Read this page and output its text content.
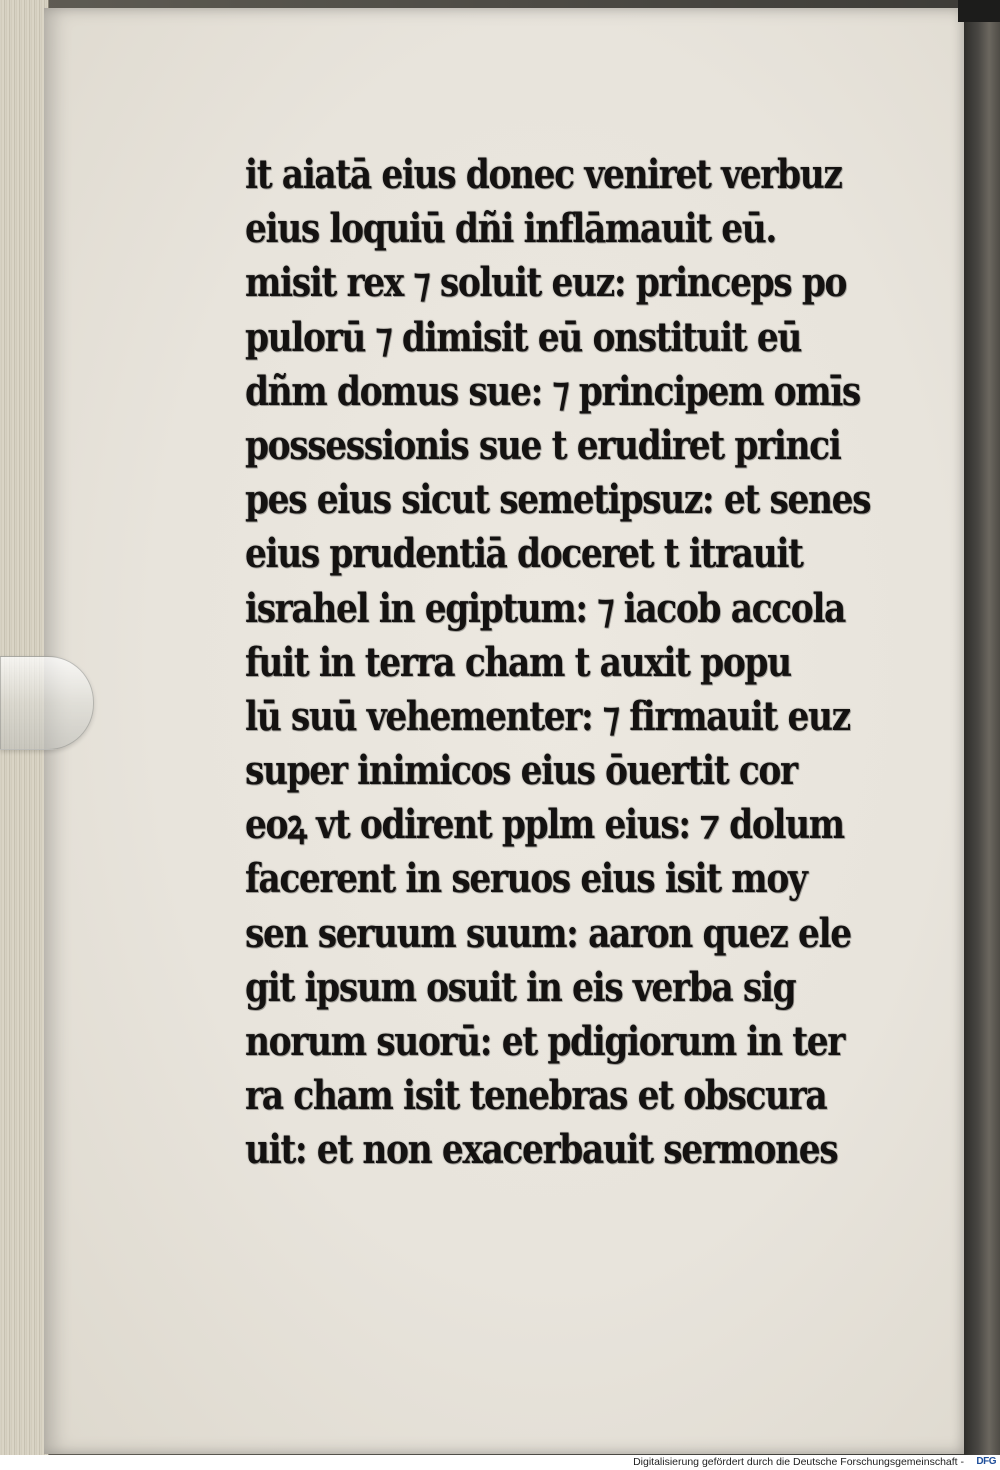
it aiatā eius donec veniret verbuz
eius loquiū dñi inflāmauit eū.
misit rex ⁊ soluit euz: princeps po
pulorū ⁊ dimisit eū onstituit eū
dñm domus sue: ⁊ principem omīs
possessionis sue t erudiret princi
pes eius sicut semetipsuz: et senes
eius prudentiā doceret t itrauit
israhel in egiptum: ⁊ iacob accola
fuit in terra cham t auxit popu
lū suū vehementer: ⁊ firmauit euz
super inimicos eius ōuertit cor
eoꝝ vt odirent pplm eius: ⁊ dolum
facerent in seruos eius isit moy
sen seruum suum: aaron quez ele
git ipsum osuit in eis verba sig
norum suorū: et pdigiorum in ter
ra cham isit tenebras et obscura
uit: et non exacerbauit sermones
Digitalisierung gefördert durch die Deutsche Forschungsgemeinschaft - DFG
